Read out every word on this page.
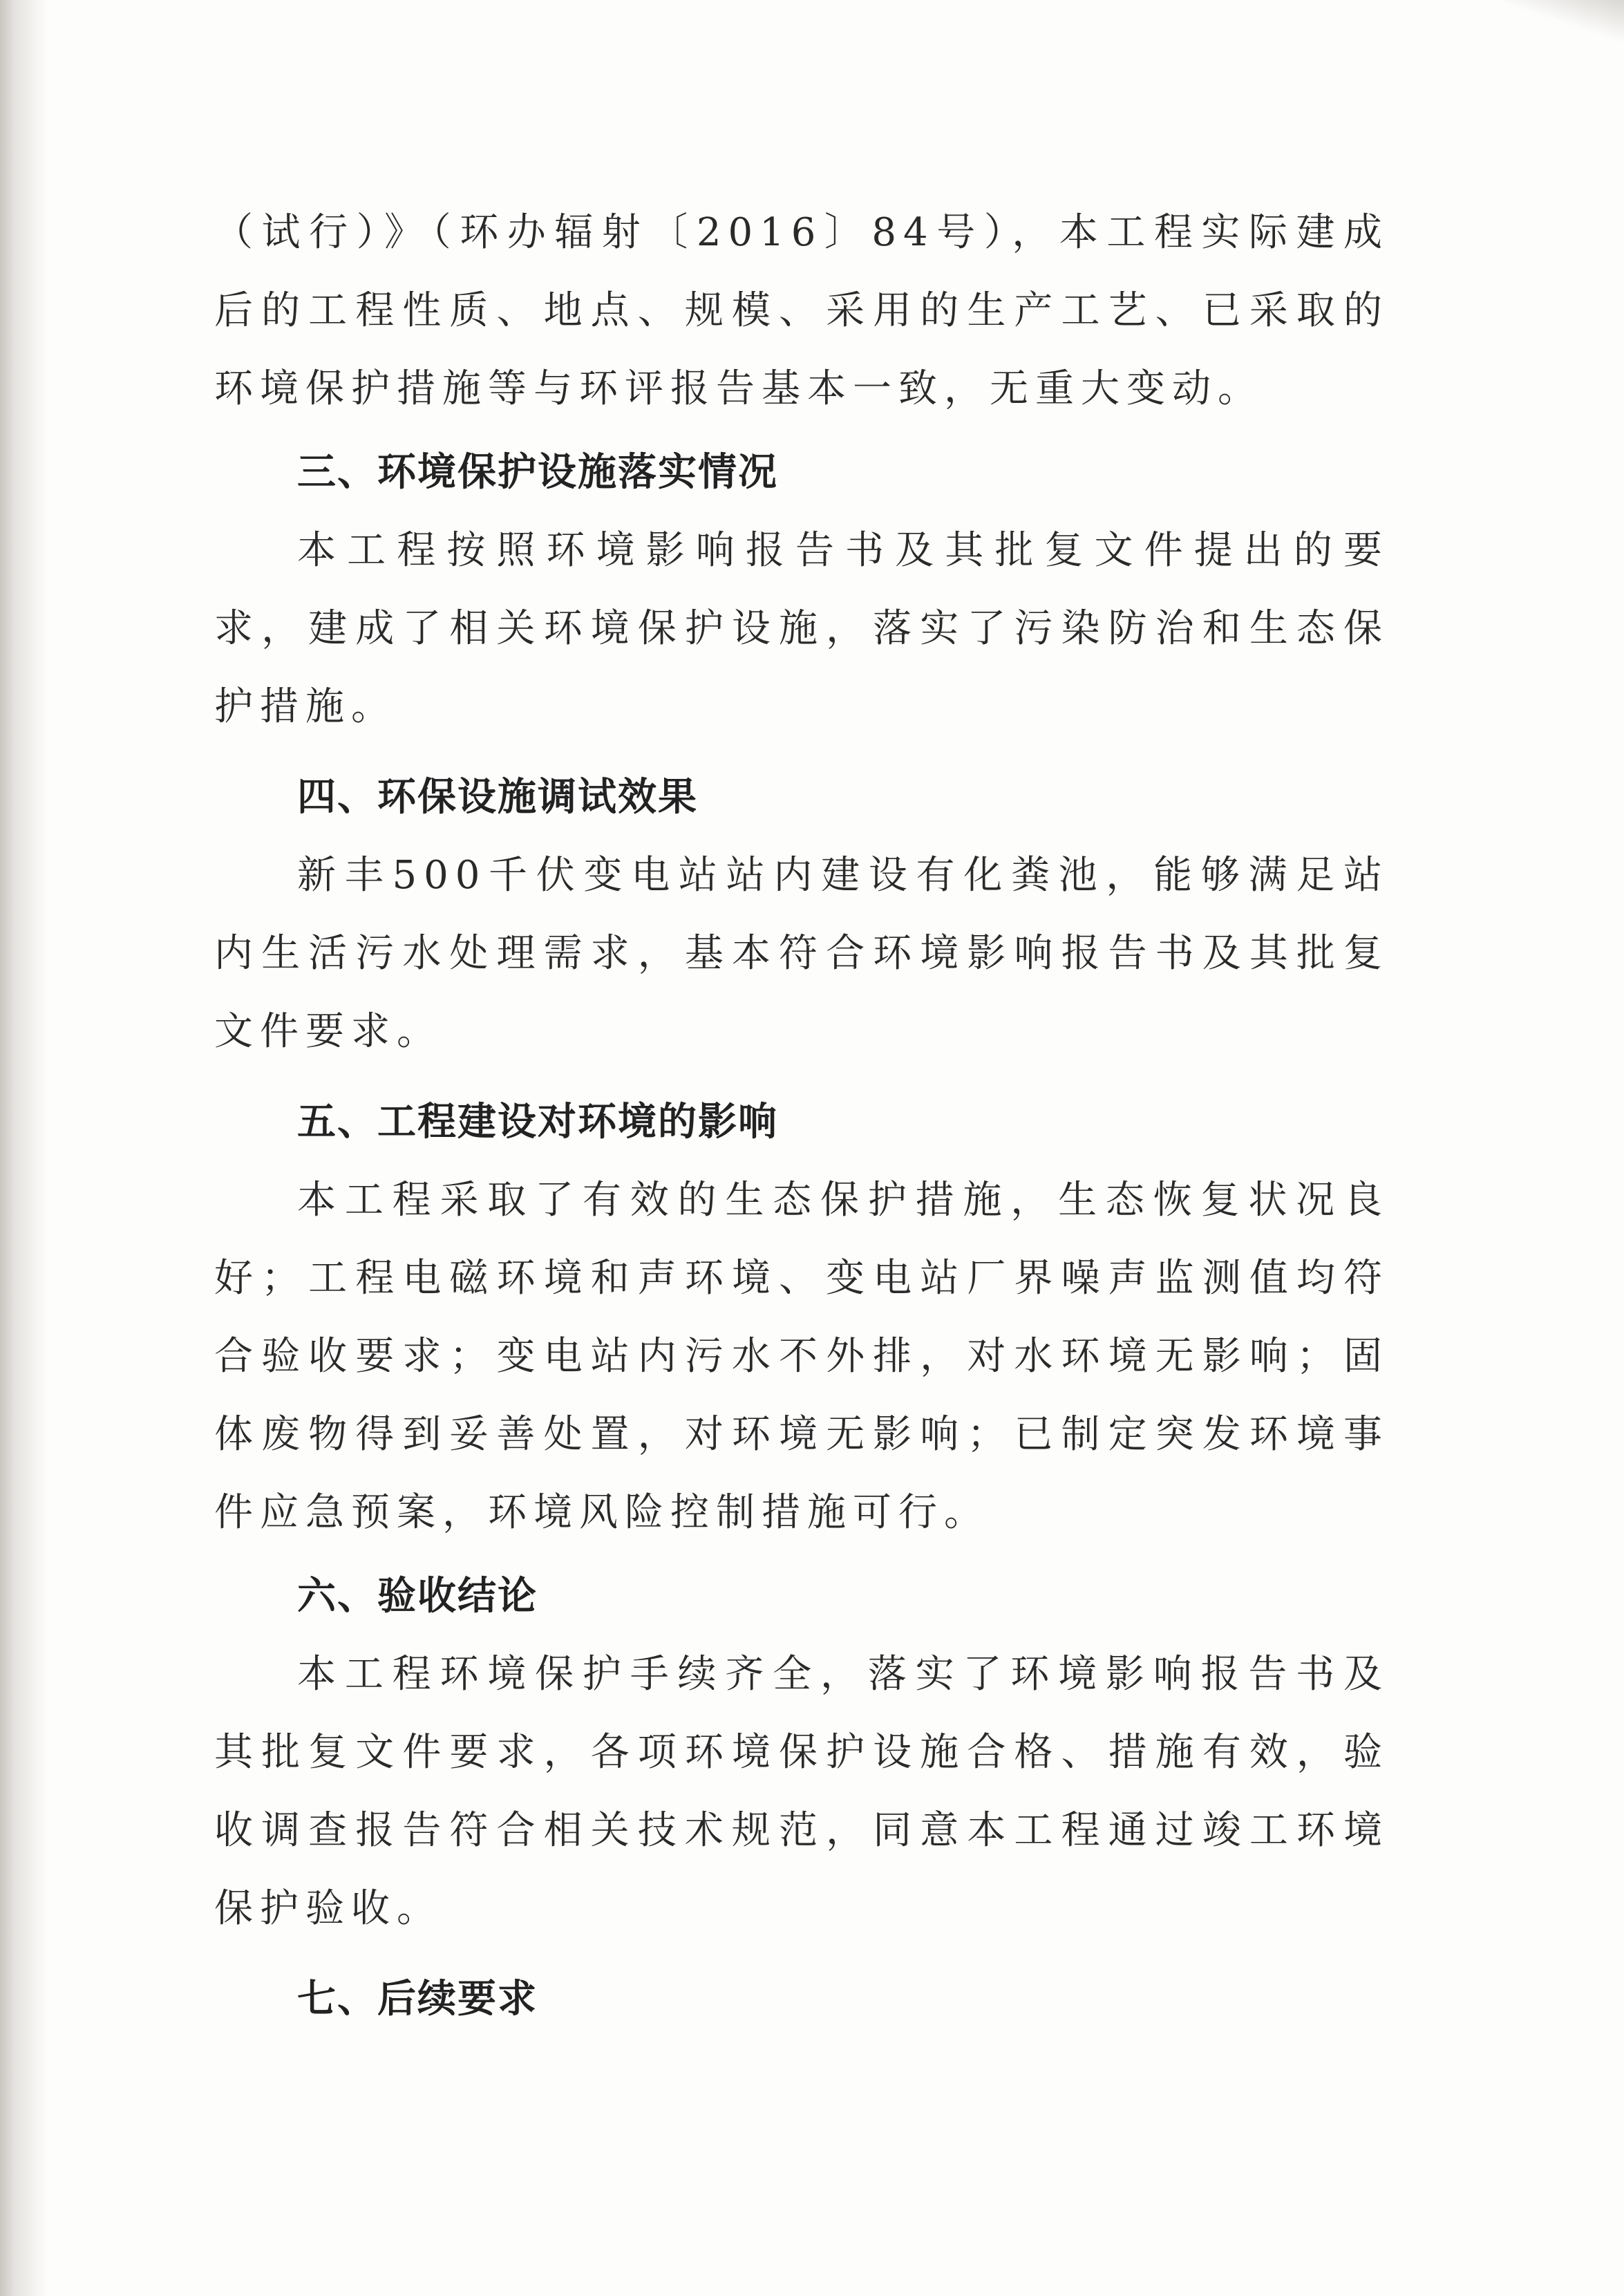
（试行）》（环办辐射〔2016〕84号），本工程实际建成后的工程性质、地点、规模、采用的生产工艺、已采取的环境保护措施等与环评报告基本一致，无重大变动。

三、环境保护设施落实情况

本工程按照环境影响报告书及其批复文件提出的要求，建成了相关环境保护设施，落实了污染防治和生态保护措施。

四、环保设施调试效果

新丰500千伏变电站站内建设有化粪池，能够满足站内生活污水处理需求，基本符合环境影响报告书及其批复文件要求。

五、工程建设对环境的影响

本工程采取了有效的生态保护措施，生态恢复状况良好；工程电磁环境和声环境、变电站厂界噪声监测值均符合验收要求；变电站内污水不外排，对水环境无影响；固体废物得到妥善处置，对环境无影响；已制定突发环境事件应急预案，环境风险控制措施可行。

六、验收结论

本工程环境保护手续齐全，落实了环境影响报告书及其批复文件要求，各项环境保护设施合格、措施有效，验收调查报告符合相关技术规范，同意本工程通过竣工环境保护验收。

七、后续要求
